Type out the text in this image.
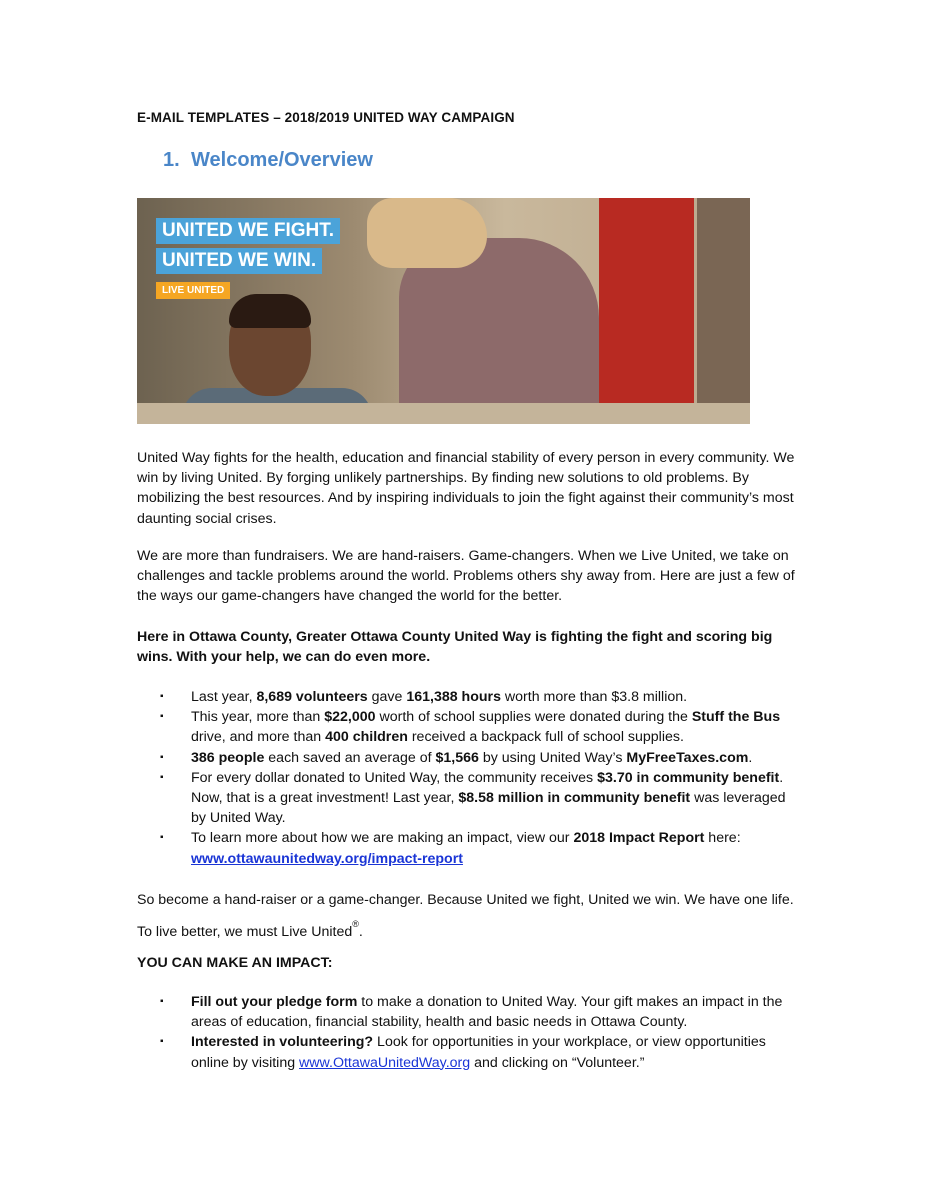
E-MAIL TEMPLATES – 2018/2019 UNITED WAY CAMPAIGN
1. Welcome/Overview
UNITED WE FIGHT.
UNITED WE WIN.
LIVE UNITED

United Way fights for the health, education and financial stability of every person in every community. We win by living United. By forging unlikely partnerships. By finding new solutions to old problems. By mobilizing the best resources. And by inspiring individuals to join the fight against their community’s most daunting social crises.

We are more than fundraisers. We are hand-raisers. Game-changers. When we Live United, we take on challenges and tackle problems around the world. Problems others shy away from. Here are just a few of the ways our game-changers have changed the world for the better.

Here in Ottawa County, Greater Ottawa County United Way is fighting the fight and scoring big wins. With your help, we can do even more.

▪ Last year, 8,689 volunteers gave 161,388 hours worth more than $3.8 million.
▪ This year, more than $22,000 worth of school supplies were donated during the Stuff the Bus drive, and more than 400 children received a backpack full of school supplies.
▪ 386 people each saved an average of $1,566 by using United Way’s MyFreeTaxes.com.
▪ For every dollar donated to United Way, the community receives $3.70 in community benefit. Now, that is a great investment! Last year, $8.58 million in community benefit was leveraged by United Way.
▪ To learn more about how we are making an impact, view our 2018 Impact Report here:
www.ottawaunitedway.org/impact-report

So become a hand-raiser or a game-changer. Because United we fight, United we win. We have one life. To live better, we must Live United®.

YOU CAN MAKE AN IMPACT:
▪ Fill out your pledge form to make a donation to United Way. Your gift makes an impact in the areas of education, financial stability, health and basic needs in Ottawa County.
▪ Interested in volunteering? Look for opportunities in your workplace, or view opportunities online by visiting www.OttawaUnitedWay.org and clicking on “Volunteer.”
